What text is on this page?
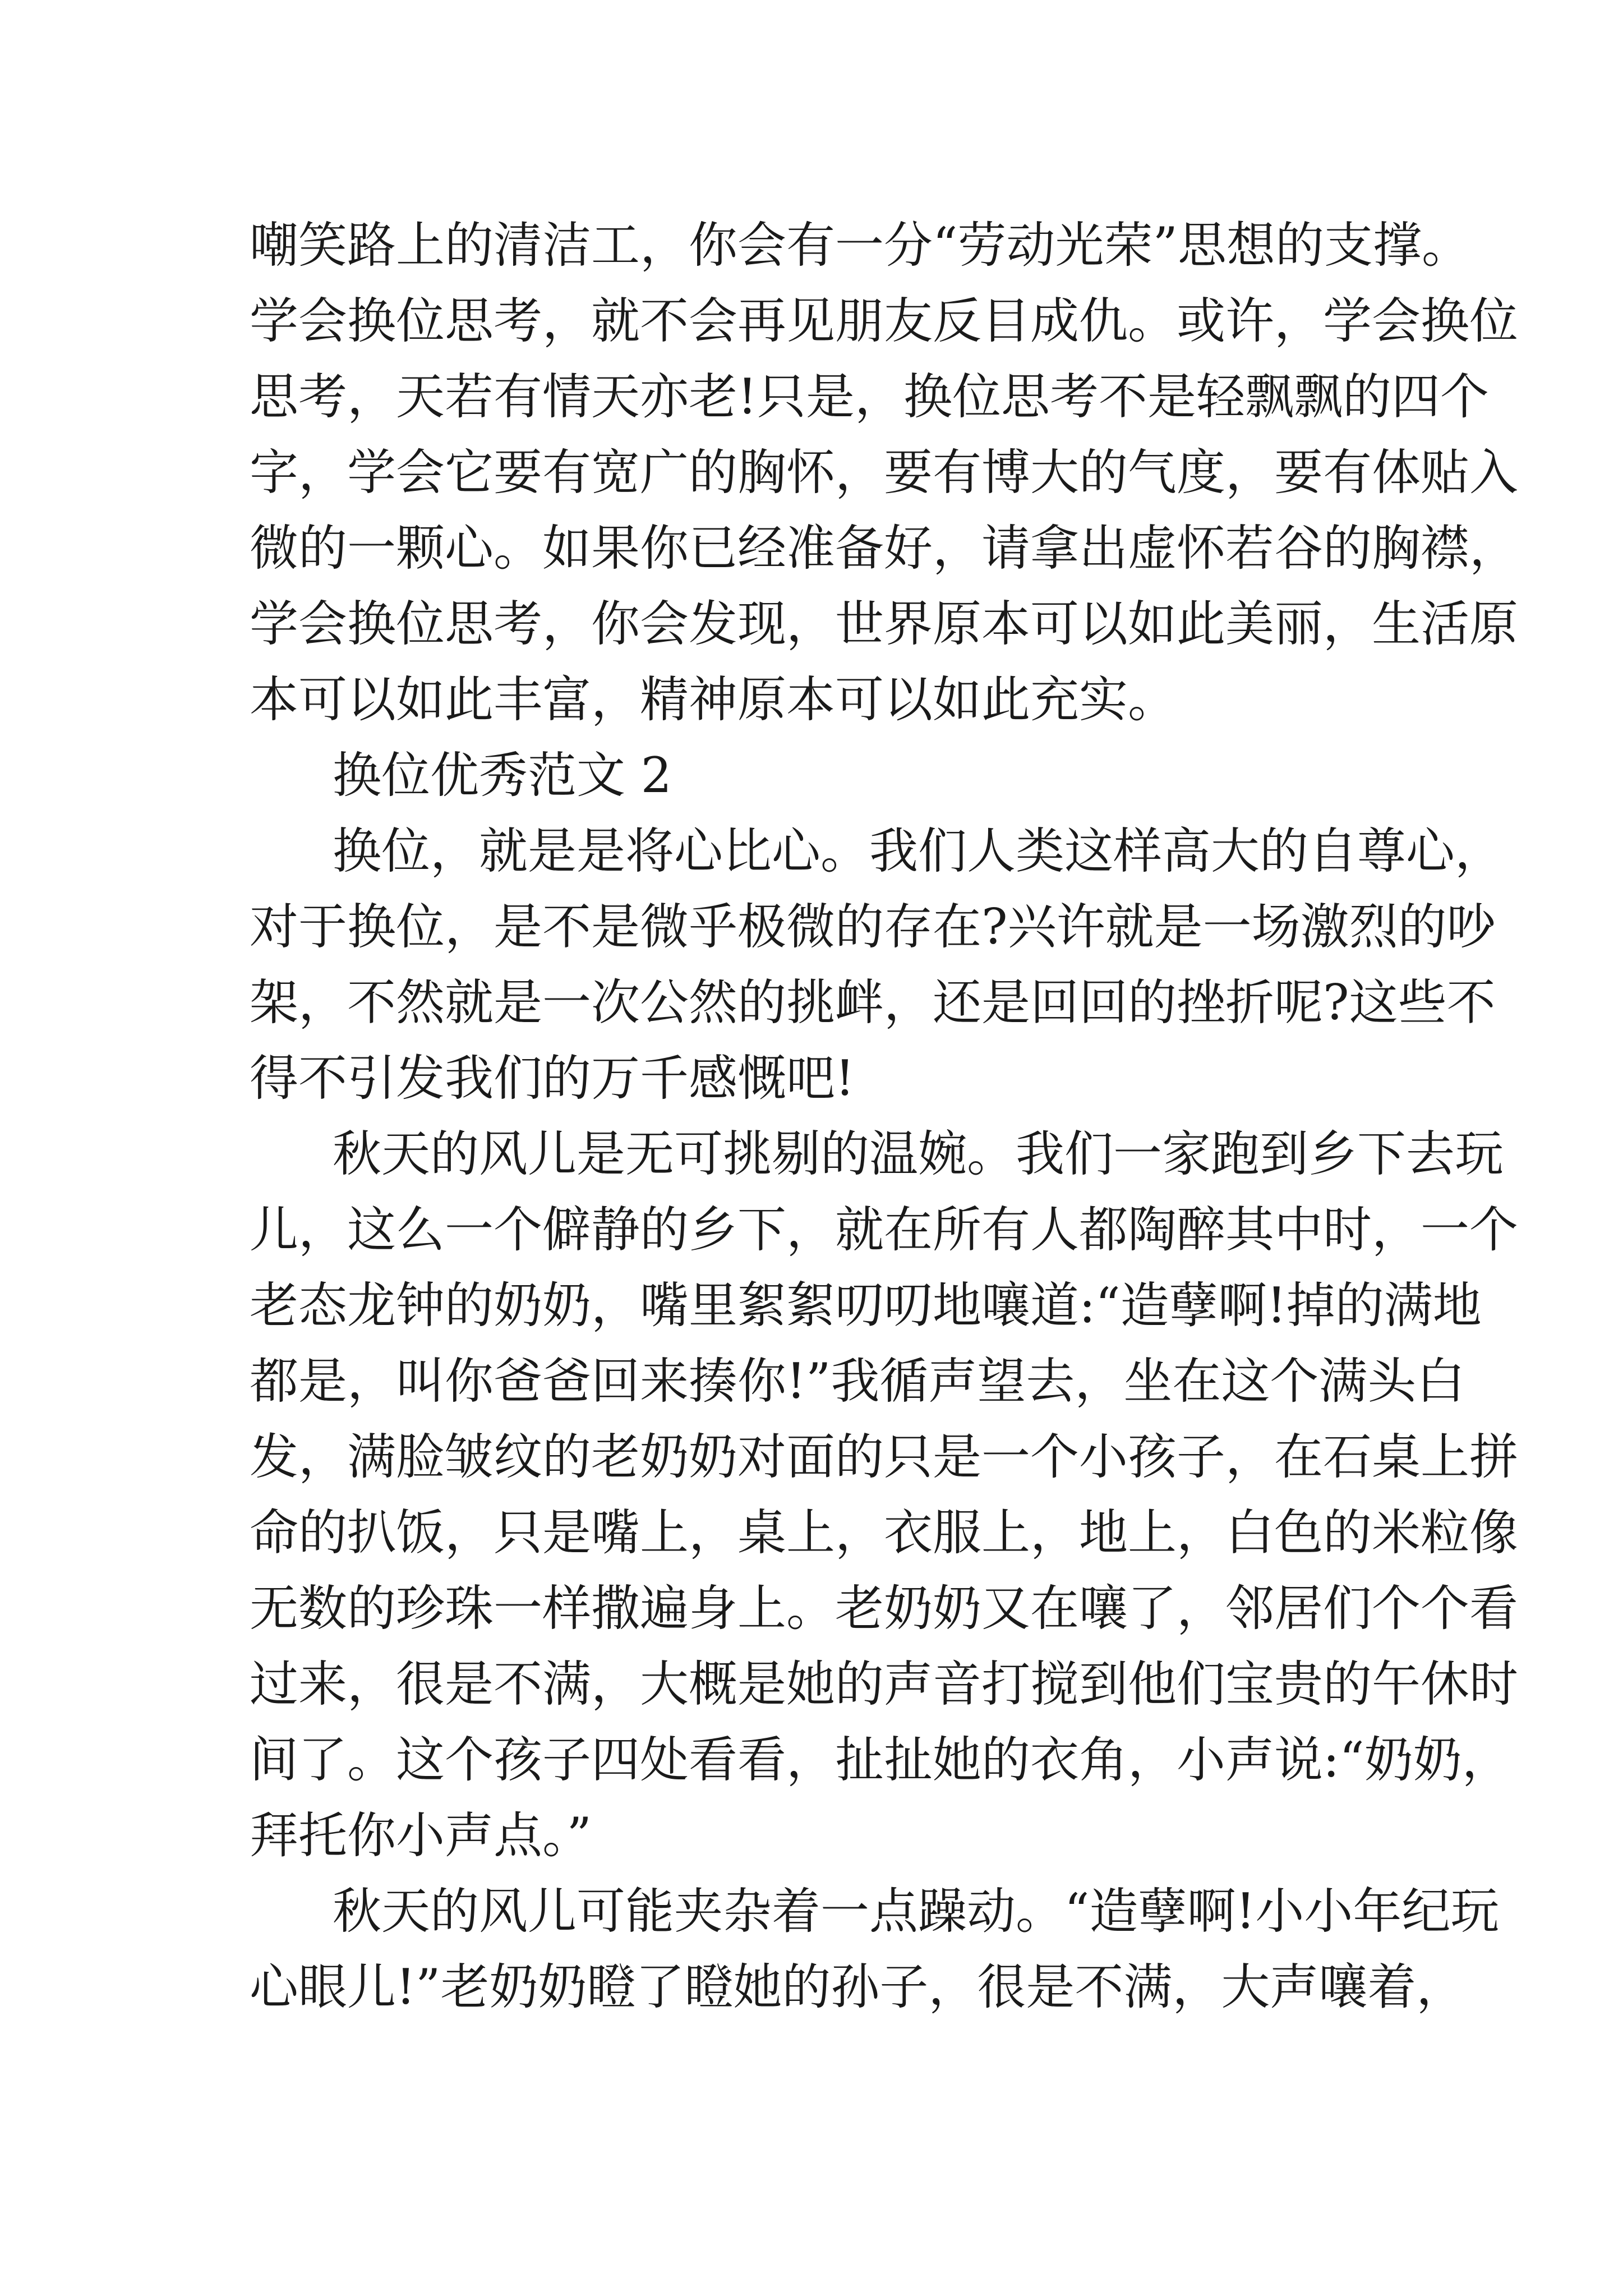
嘲笑路上的清洁工，你会有一分“劳动光荣”思想的支撑。
学会换位思考，就不会再见朋友反目成仇。或许，学会换位
思考，天若有情天亦老!只是，换位思考不是轻飘飘的四个
字，学会它要有宽广的胸怀，要有博大的气度，要有体贴入
微的一颗心。如果你已经准备好，请拿出虚怀若谷的胸襟，
学会换位思考，你会发现，世界原本可以如此美丽，生活原
本可以如此丰富，精神原本可以如此充实。
换位优秀范文 2
换位，就是是将心比心。我们人类这样高大的自尊心，
对于换位，是不是微乎极微的存在?兴许就是一场激烈的吵
架，不然就是一次公然的挑衅，还是回回的挫折呢?这些不
得不引发我们的万千感慨吧!
秋天的风儿是无可挑剔的温婉。我们一家跑到乡下去玩
儿，这么一个僻静的乡下，就在所有人都陶醉其中时，一个
老态龙钟的奶奶，嘴里絮絮叨叨地嚷道:“造孽啊!掉的满地
都是，叫你爸爸回来揍你!”我循声望去，坐在这个满头白
发，满脸皱纹的老奶奶对面的只是一个小孩子，在石桌上拼
命的扒饭，只是嘴上，桌上，衣服上，地上，白色的米粒像
无数的珍珠一样撒遍身上。老奶奶又在嚷了，邻居们个个看
过来，很是不满，大概是她的声音打搅到他们宝贵的午休时
间了。这个孩子四处看看，扯扯她的衣角，小声说:“奶奶，
拜托你小声点。”
秋天的风儿可能夹杂着一点躁动。“造孽啊!小小年纪玩
心眼儿!”老奶奶瞪了瞪她的孙子，很是不满，大声嚷着，
